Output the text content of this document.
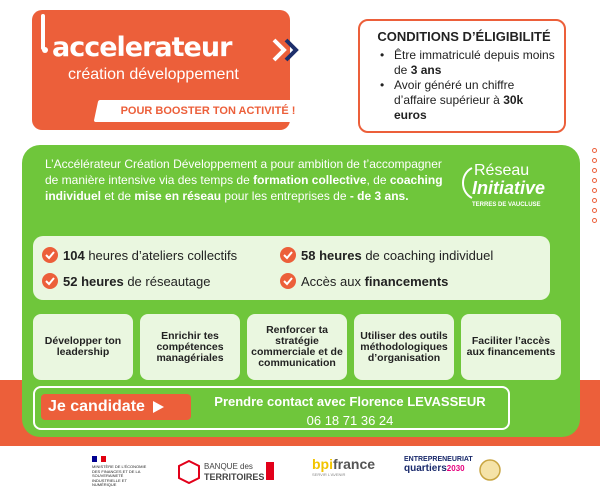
accelerateur
création développement
POUR BOOSTER TON ACTIVITÉ !
CONDITIONS D’ÉLIGIBILITÉ
• Être immatriculé depuis moins de 3 ans
• Avoir généré un chiffre d’affaire supérieur à 30k euros
L’Accélérateur Création Développement a pour ambition de t’accompagner de manière intensive via des temps de formation collective, de coaching individuel et de mise en réseau pour les entreprises de - de 3 ans.
Réseau
Initiative
TERRES DE VAUCLUSE
104 heures d’ateliers collectifs	58 heures de coaching individuel
52 heures de réseautage	Accès aux financements
Développer ton leadership
Enrichir tes compétences managériales
Renforcer ta stratégie commerciale et de communication
Utiliser des outils méthodologiques d’organisation
Faciliter l’accès aux financements
Je candidate	Prendre contact avec Florence LEVASSEUR
06 18 71 36 24
MINISTÈRE DE L’ÉCONOMIE DES FINANCES ET DE LA SOUVERAINETÉ INDUSTRIELLE ET NUMÉRIQUE
BANQUE des
TERRITOIRES
bpifrance
SERVIR L’AVENIR
ENTREPRENEURIAT
quartiers2030
